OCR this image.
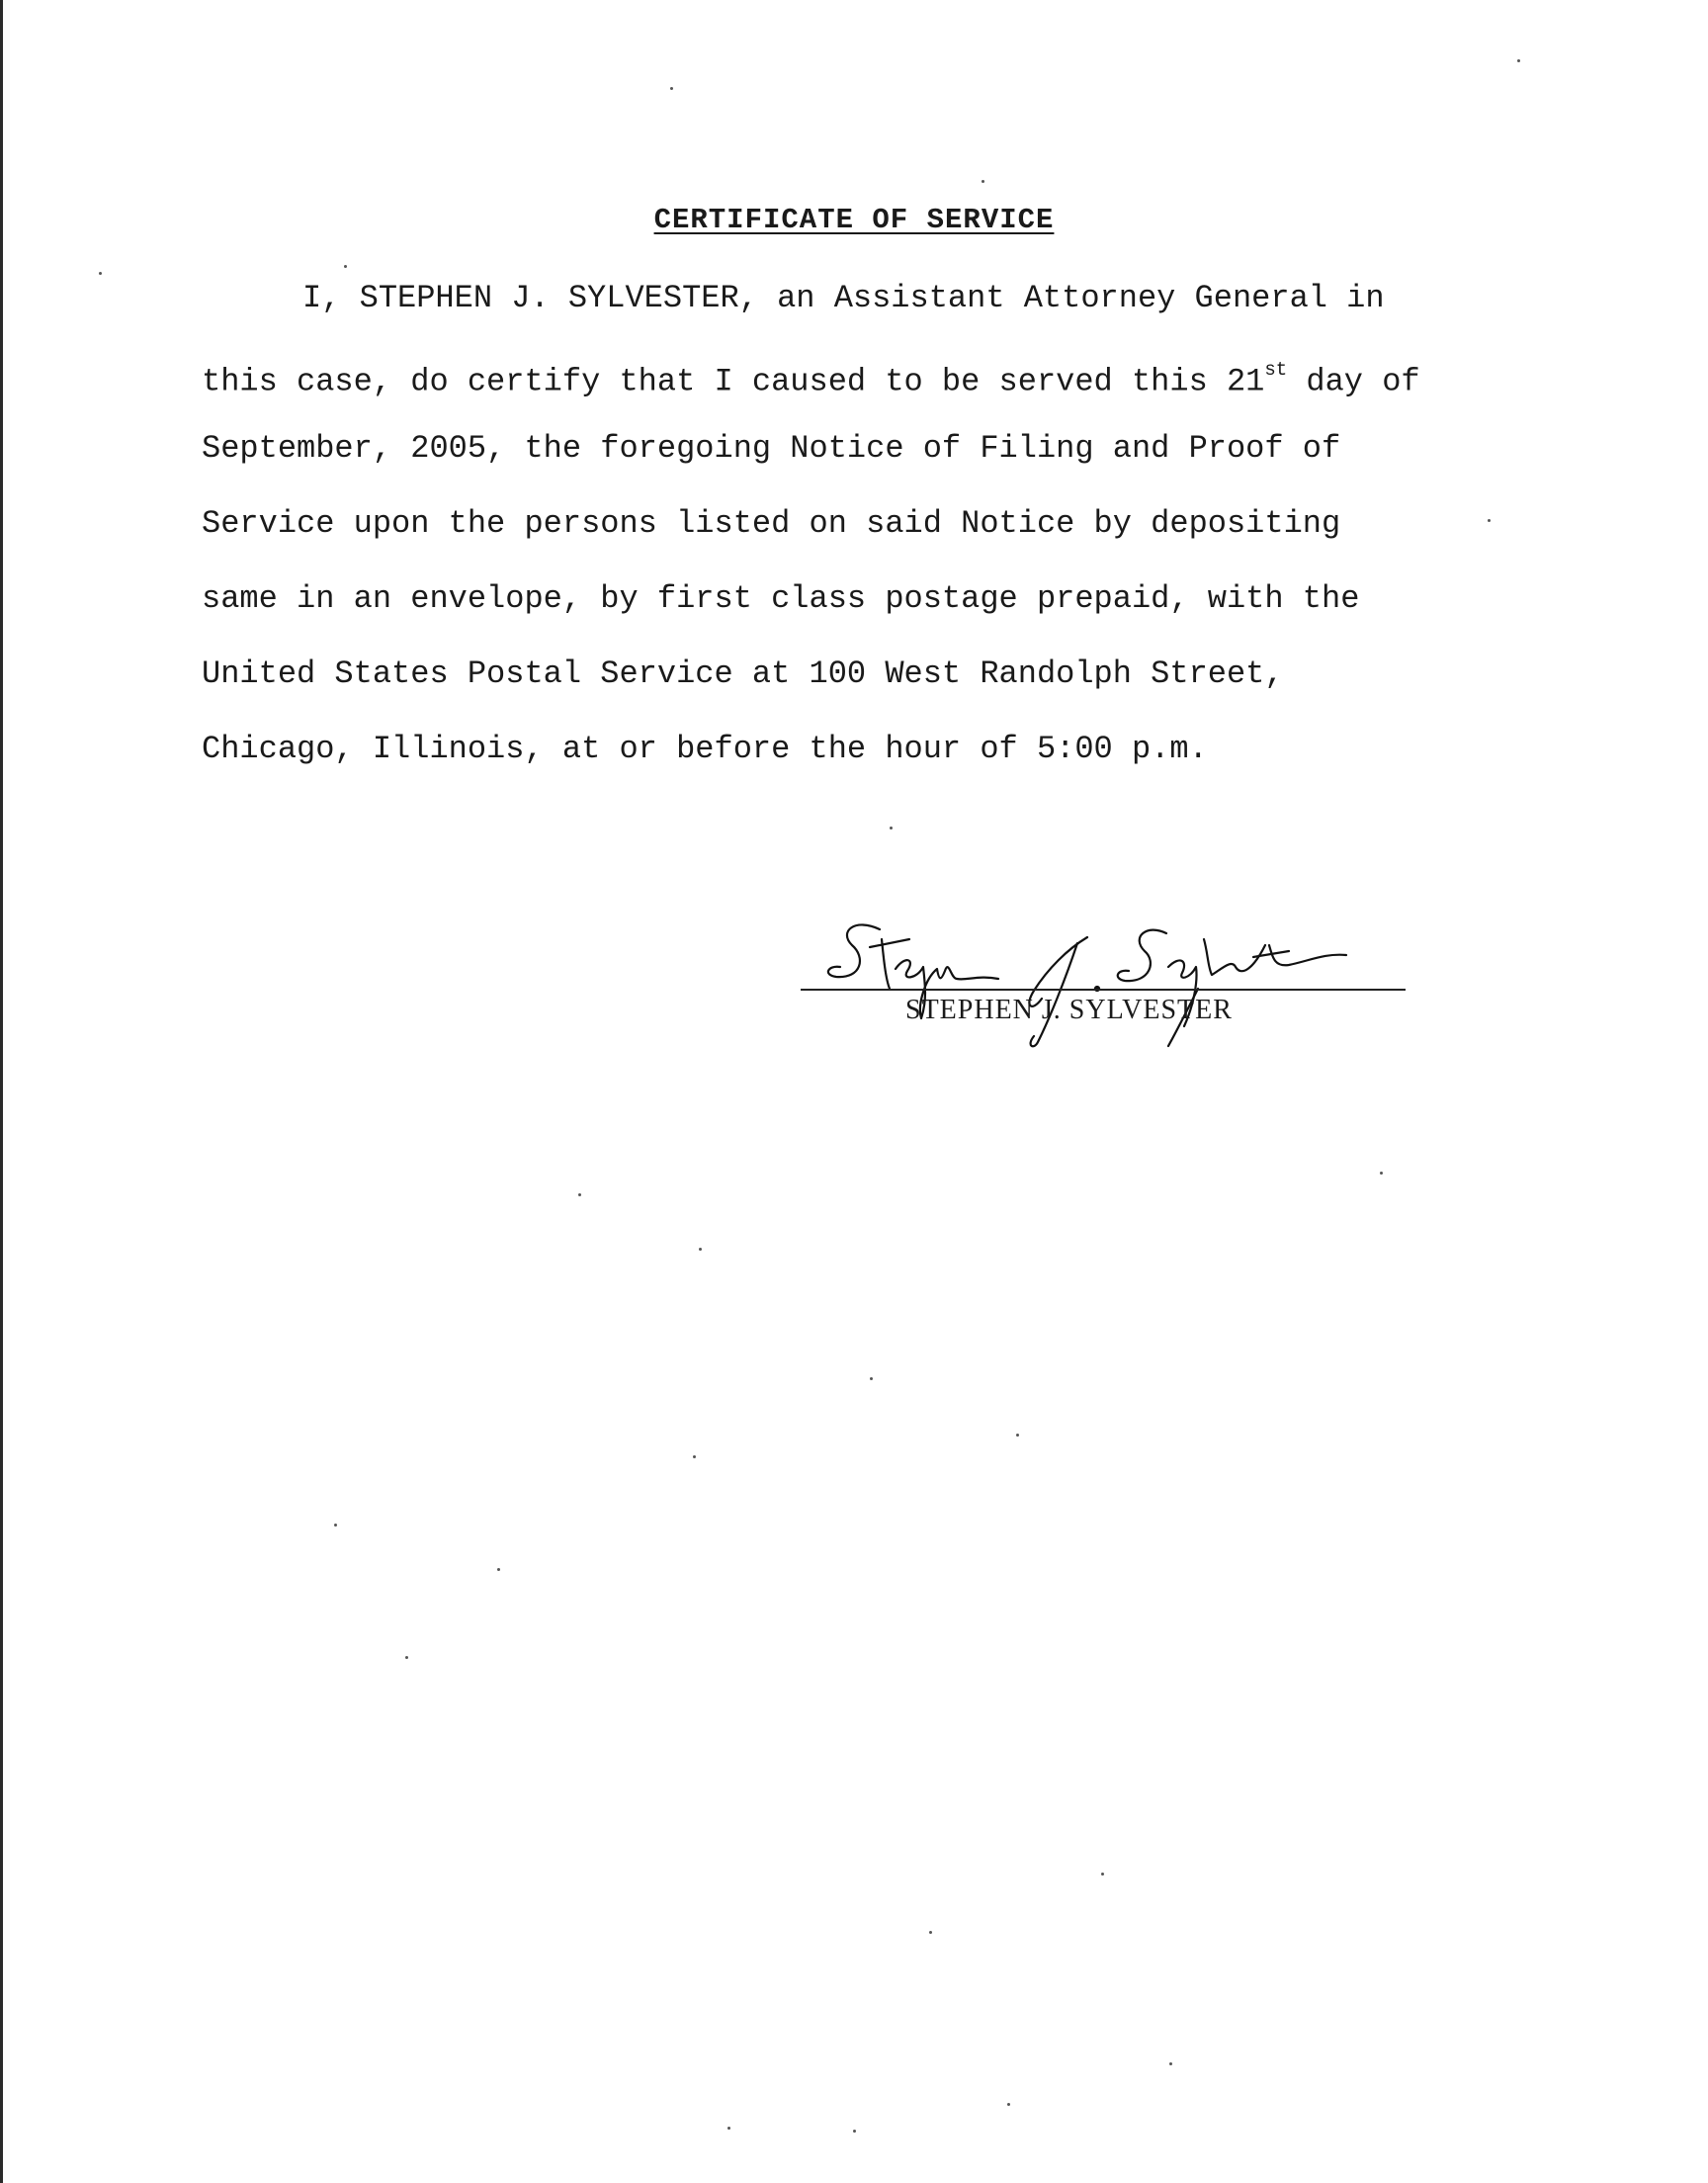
CERTIFICATE OF SERVICE
I, STEPHEN J. SYLVESTER, an Assistant Attorney General in
this case, do certify that I caused to be served this 21st day of
September, 2005, the foregoing Notice of Filing and Proof of
Service upon the persons listed on said Notice by depositing
same in an envelope, by first class postage prepaid, with the
United States Postal Service at 100 West Randolph Street,
Chicago, Illinois, at or before the hour of 5:00 p.m.
STEPHEN J. SYLVESTER
